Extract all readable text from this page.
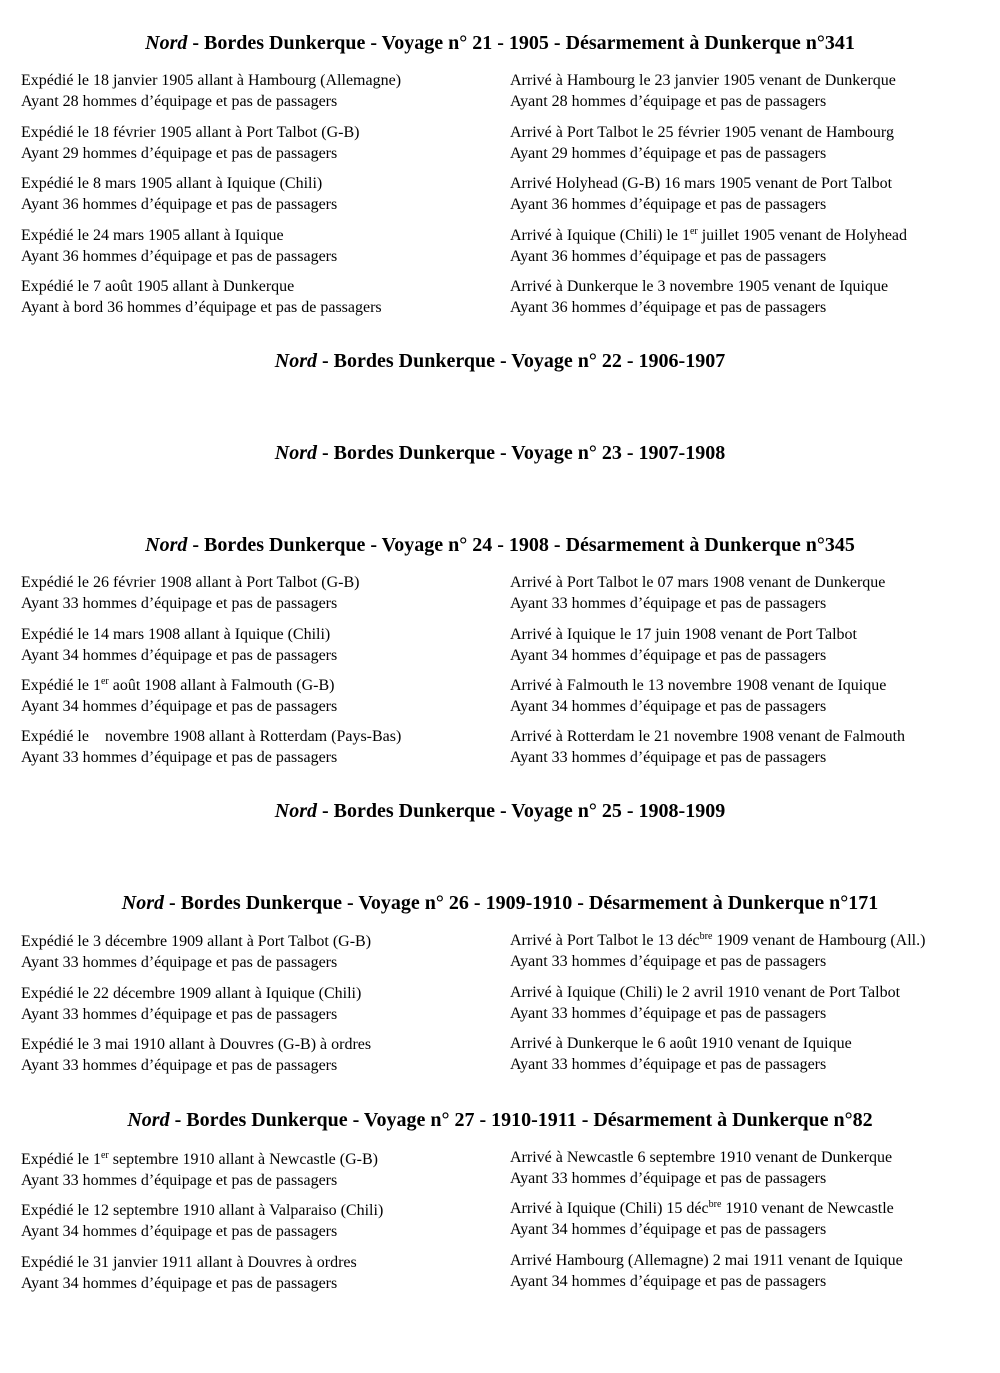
Nord - Bordes Dunkerque - Voyage n° 21 - 1905 - Désarmement à Dunkerque n°341
Expédié le 18 janvier 1905 allant à Hambourg (Allemagne)
Ayant 28 hommes d’équipage et pas de passagers
Expédié le 18 février 1905 allant à Port Talbot (G-B)
Ayant 29 hommes d’équipage et pas de passagers
Expédié le 8 mars 1905 allant à Iquique (Chili)
Ayant 36 hommes d’équipage et pas de passagers
Expédié le 24 mars 1905 allant à Iquique
Ayant 36 hommes d’équipage et pas de passagers
Expédié le 7 août 1905 allant à Dunkerque
Ayant à bord 36 hommes d’équipage et pas de passagers
Arrivé à Hambourg le 23 janvier 1905 venant de Dunkerque
Ayant 28 hommes d’équipage et pas de passagers
Arrivé à Port Talbot le 25 février 1905 venant de Hambourg
Ayant 29 hommes d’équipage et pas de passagers
Arrivé Holyhead (G-B) 16 mars 1905 venant de Port Talbot
Ayant 36 hommes d’équipage et pas de passagers
Arrivé à Iquique (Chili) le 1er juillet 1905 venant de Holyhead
Ayant 36 hommes d’équipage et pas de passagers
Arrivé à Dunkerque le 3 novembre 1905 venant de Iquique
Ayant 36 hommes d’équipage et pas de passagers
Nord - Bordes Dunkerque - Voyage n° 22 - 1906-1907
Nord - Bordes Dunkerque - Voyage n° 23 - 1907-1908
Nord - Bordes Dunkerque - Voyage n° 24 - 1908 - Désarmement à Dunkerque n°345
Expédié le 26 février 1908 allant à Port Talbot (G-B)
Ayant 33 hommes d’équipage et pas de passagers
Expédié le 14 mars 1908 allant à Iquique (Chili)
Ayant 34 hommes d’équipage et pas de passagers
Expédié le 1er août 1908 allant à Falmouth (G-B)
Ayant 34 hommes d’équipage et pas de passagers
Expédié le    novembre 1908 allant à Rotterdam (Pays-Bas)
Ayant 33 hommes d’équipage et pas de passagers
Arrivé à Port Talbot le 07 mars 1908 venant de Dunkerque
Ayant 33 hommes d’équipage et pas de passagers
Arrivé à Iquique le 17 juin 1908 venant de Port Talbot
Ayant 34 hommes d’équipage et pas de passagers
Arrivé à Falmouth le 13 novembre 1908 venant de Iquique
Ayant 34 hommes d’équipage et pas de passagers
Arrivé à Rotterdam le 21 novembre 1908 venant de Falmouth
Ayant 33 hommes d’équipage et pas de passagers
Nord - Bordes Dunkerque - Voyage n° 25 - 1908-1909
Nord - Bordes Dunkerque - Voyage n° 26 - 1909-1910 - Désarmement à Dunkerque n°171
Expédié le 3 décembre 1909 allant à Port Talbot (G-B)
Ayant 33 hommes d’équipage et pas de passagers
Expédié le 22 décembre 1909 allant à Iquique (Chili)
Ayant 33 hommes d’équipage et pas de passagers
Expédié le 3 mai 1910 allant à Douvres (G-B) à ordres
Ayant 33 hommes d’équipage et pas de passagers
Arrivé à Port Talbot le 13 déc$^{bre}$ 1909 venant de Hambourg (All.)
Ayant 33 hommes d’équipage et pas de passagers
Arrivé à Iquique (Chili) le 2 avril 1910 venant de Port Talbot
Ayant 33 hommes d’équipage et pas de passagers
Arrivé à Dunkerque le 6 août 1910 venant de Iquique
Ayant 33 hommes d’équipage et pas de passagers
Nord - Bordes Dunkerque - Voyage n° 27 - 1910-1911 - Désarmement à Dunkerque n°82
Expédié le 1er septembre 1910 allant à Newcastle (G-B)
Ayant 33 hommes d’équipage et pas de passagers
Expédié le 12 septembre 1910 allant à Valparaiso (Chili)
Ayant 34 hommes d’équipage et pas de passagers
Expédié le 31 janvier 1911 allant à Douvres à ordres
Ayant 34 hommes d’équipage et pas de passagers
Arrivé à Newcastle 6 septembre 1910 venant de Dunkerque
Ayant 33 hommes d’équipage et pas de passagers
Arrivé à Iquique (Chili) 15 déc$^{bre}$ 1910 venant de Newcastle
Ayant 34 hommes d’équipage et pas de passagers
Arrivé Hambourg (Allemagne) 2 mai 1911 venant de Iquique
Ayant 34 hommes d’équipage et pas de passagers
